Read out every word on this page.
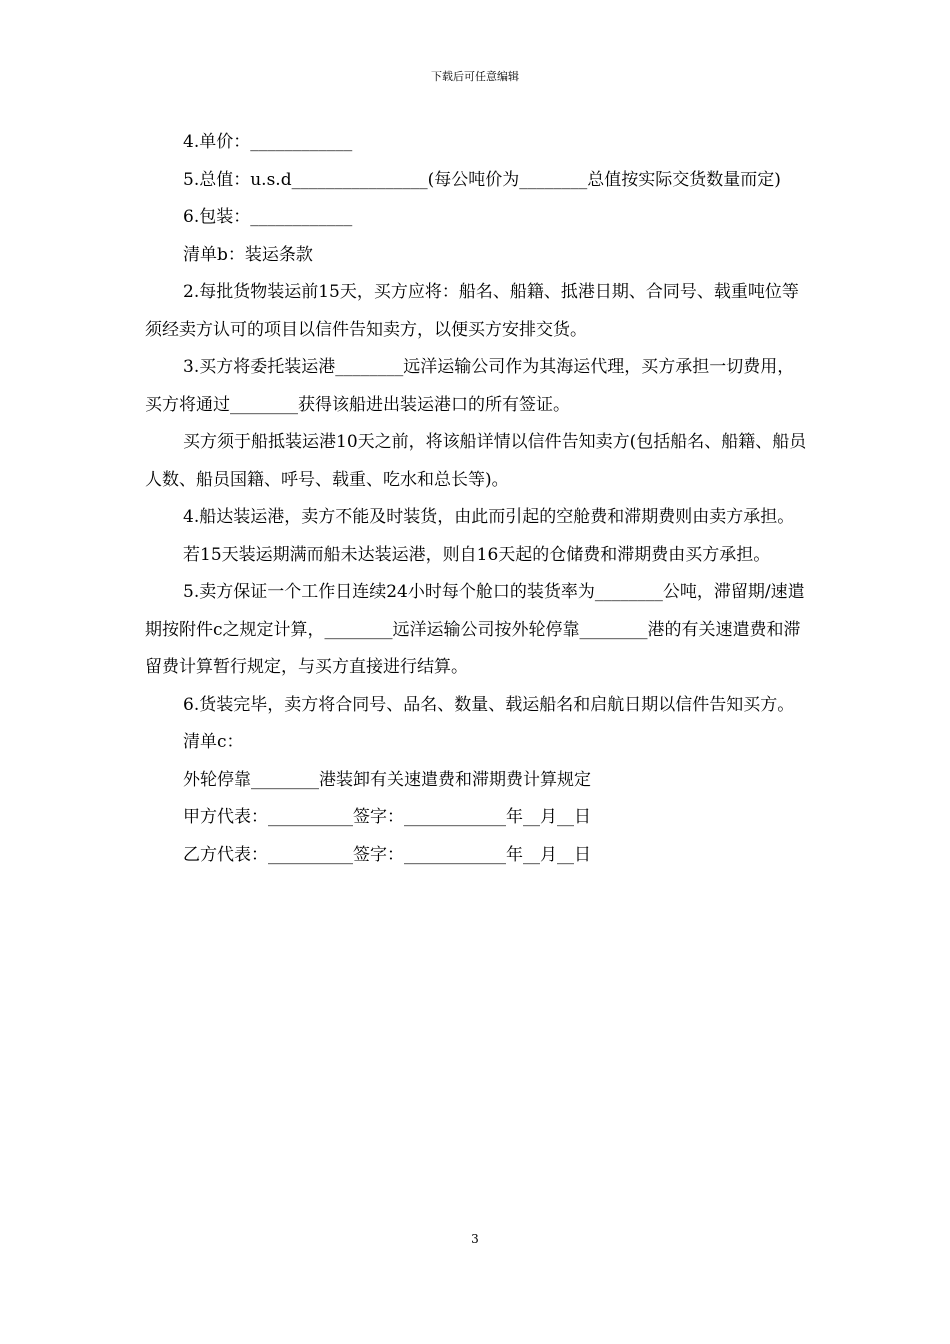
下载后可任意编辑

4.单价：____________

5.总值：u.s.d________________(每公吨价为________总值按实际交货数量而定)

6.包装：____________

清单b：装运条款

2.每批货物装运前15天，买方应将：船名、船籍、抵港日期、合同号、载重吨位等须经卖方认可的项目以信件告知卖方，以便买方安排交货。

3.买方将委托装运港________远洋运输公司作为其海运代理，买方承担一切费用，买方将通过________获得该船进出装运港口的所有签证。

买方须于船抵装运港10天之前，将该船详情以信件告知卖方(包括船名、船籍、船员人数、船员国籍、呼号、载重、吃水和总长等)。

4.船达装运港，卖方不能及时装货，由此而引起的空舱费和滞期费则由卖方承担。

若15天装运期满而船未达装运港，则自16天起的仓储费和滞期费由买方承担。

5.卖方保证一个工作日连续24小时每个舱口的装货率为________公吨，滞留期/速遣期按附件c之规定计算，________远洋运输公司按外轮停靠________港的有关速遣费和滞留费计算暂行规定，与买方直接进行结算。

6.货装完毕，卖方将合同号、品名、数量、载运船名和启航日期以信件告知买方。

清单c：

外轮停靠________港装卸有关速遣费和滞期费计算规定

甲方代表：__________签字：____________年__月__日

乙方代表：__________签字：____________年__月__日

3
